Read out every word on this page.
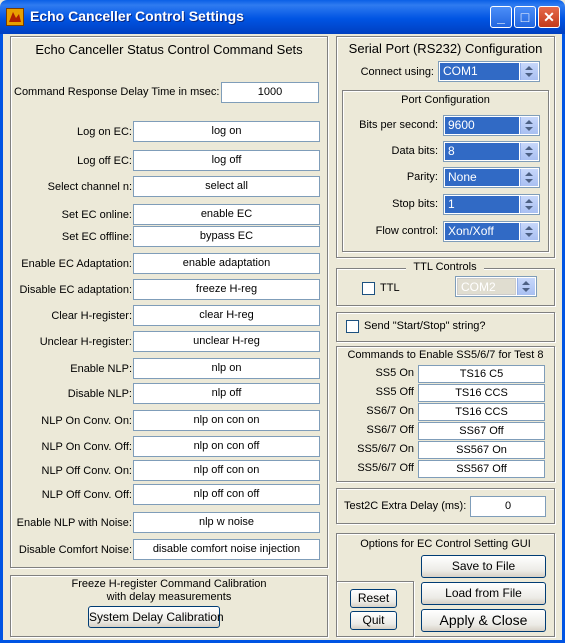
Echo Canceller Control Settings	_	□ ✕
Echo Canceller Status Control Command Sets
Command Response Delay Time in msec:	1000
Log on EC:	log on
Log off EC:	log off
Select channel n:	select all
Set EC online:	enable EC
Set EC offline:	bypass EC
Enable EC Adaptation:	enable adaptation
Disable EC adaptation:	freeze H-reg
Clear H-register:	clear H-reg
Unclear H-register:	unclear H-reg
Enable NLP:	nlp on
Disable NLP:	nlp off
NLP On Conv. On:	nlp on con on
NLP On Conv. Off:	nlp on con off
NLP Off Conv. On:	nlp off con on
NLP Off Conv. Off:	nlp off con off
Enable NLP with Noise:	nlp w noise
Disable Comfort Noise:	disable comfort noise injection
Freeze H-register Command Calibration
with delay measurements
System Delay Calibration
Serial Port (RS232) Configuration
Connect using: COM1
Port Configuration
Bits per second: 9600
Data bits: 8
Parity: None
Stop bits: 1
Flow control: Xon/Xoff
TTL Controls
TTL	COM2
Send "Start/Stop" string?
Commands to Enable SS5/6/7 for Test 8
SS5 On	TS16 C5
SS5 Off	TS16 CCS
SS6/7 On	TS16 CCS
SS6/7 Off	SS67 Off
SS5/6/7 On	SS567 On
SS5/6/7 Off	SS567 Off
Test2C Extra Delay (ms):	0
Options for EC Control Setting GUI
Reset
Quit
Save to File
Load from File
Apply & Close
